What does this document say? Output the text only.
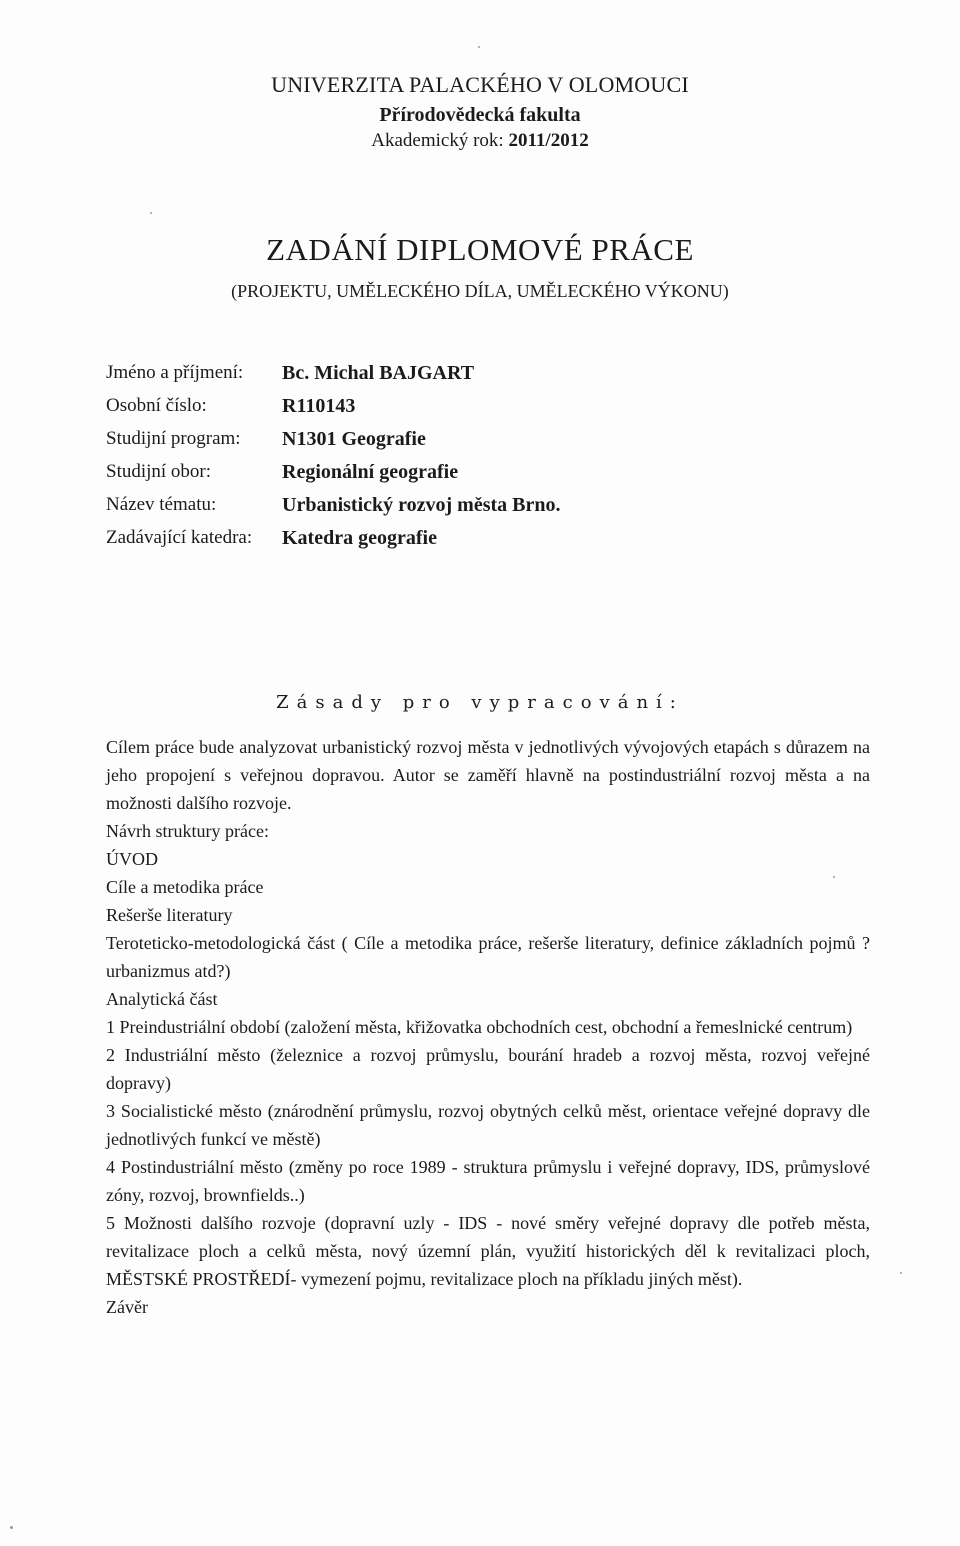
UNIVERZITA PALACKÉHO V OLOMOUCI
Přírodovědecká fakulta
Akademický rok: 2011/2012
ZADÁNÍ DIPLOMOVÉ PRÁCE
(PROJEKTU, UMĚLECKÉHO DÍLA, UMĚLECKÉHO VÝKONU)
Jméno a příjmení: Bc. Michal BAJGART
Osobní číslo:	R110143
Studijní program: N1301 Geografie
Studijní obor:	Regionální geografie
Název tématu:	Urbanistický rozvoj města Brno.
Zadávající katedra: Katedra geografie
Zásady pro vypracování:

Cílem práce bude analyzovat urbanistický rozvoj města v jednotlivých vývojových etapách s důrazem na jeho propojení s veřejnou dopravou. Autor se zaměří hlavně na postindustriální rozvoj města a na možnosti dalšího rozvoje.

Návrh struktury práce:

ÚVOD

Cíle a metodika práce

Rešerše literatury

Teroteticko-metodologická část ( Cíle a metodika práce, rešerše literatury, definice základních pojmů ? urbanizmus atd?)

Analytická část

1 Preindustriální období (založení města, křižovatka obchodních cest, obchodní a řemeslnické centrum)

2 Industriální město (železnice a rozvoj průmyslu, bourání hradeb a rozvoj města, rozvoj veřejné dopravy)

3 Socialistické město (znárodnění průmyslu, rozvoj obytných celků měst, orientace veřejné dopravy dle jednotlivých funkcí ve městě)

4 Postindustriální město (změny po roce 1989 - struktura průmyslu i veřejné dopravy, IDS, průmyslové zóny, rozvoj, brownfields..)

5 Možnosti dalšího rozvoje (dopravní uzly - IDS - nové směry veřejné dopravy dle potřeb města, revitalizace ploch a celků města, nový územní plán, využití historických děl k revitalizaci ploch, MĚSTSKÉ PROSTŘEDÍ- vymezení pojmu, revitalizace ploch na příkladu jiných měst).

Závěr
